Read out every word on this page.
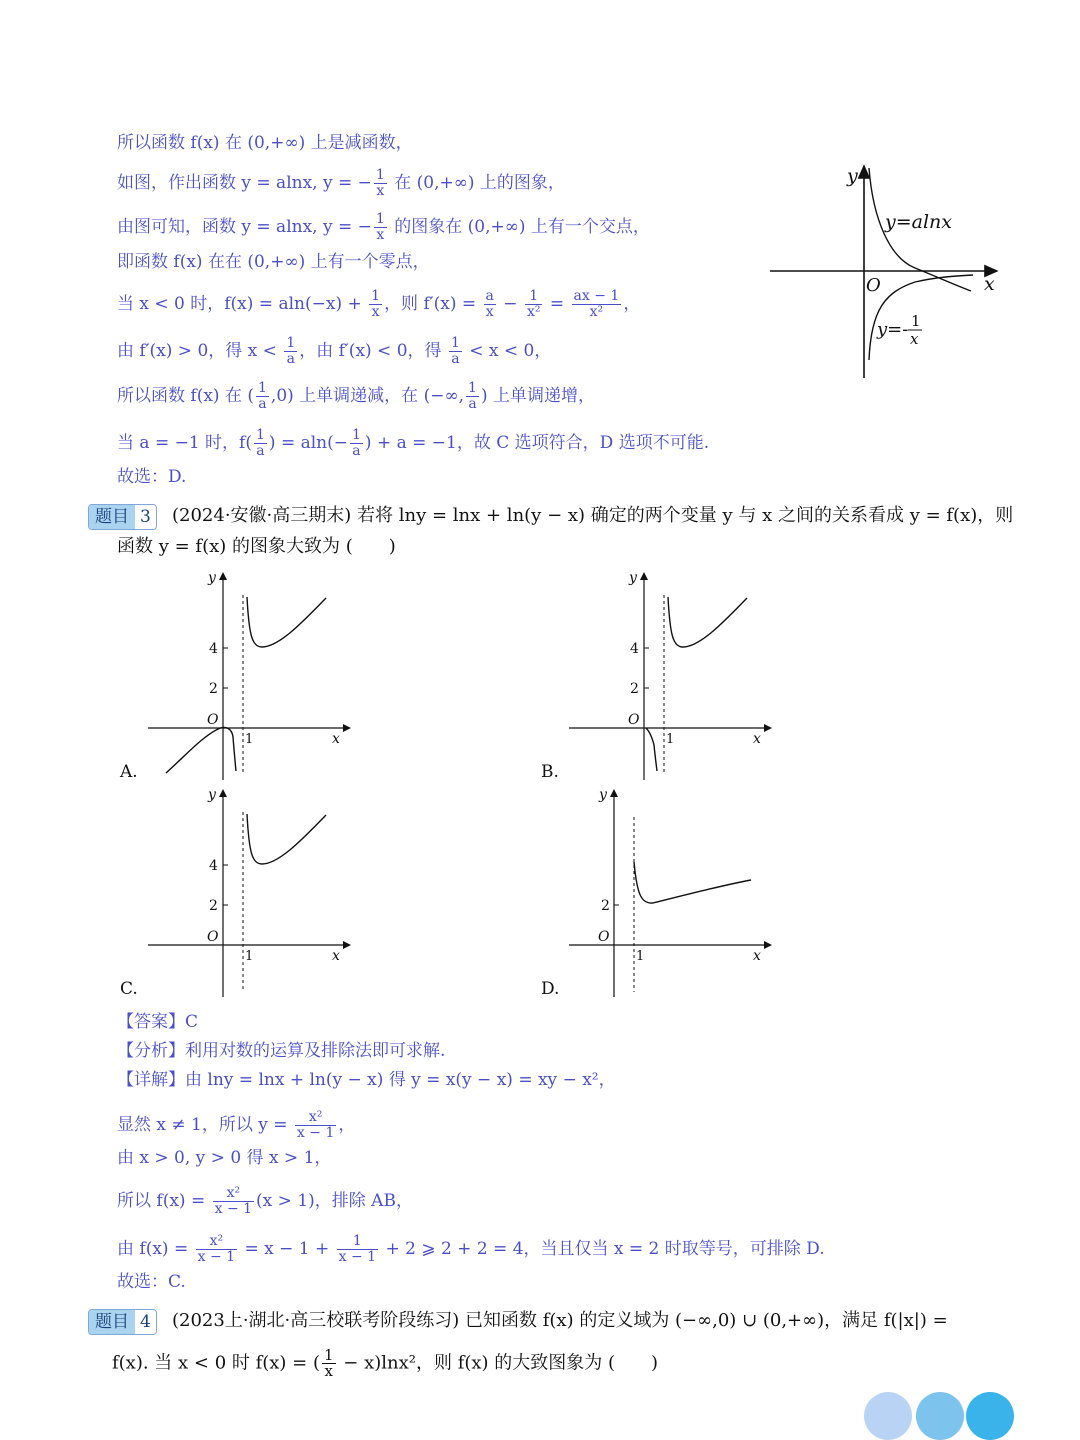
所以函数 f(x) 在 (0,+∞) 上是减函数，
如图，作出函数 y = alnx, y = − $\frac{1}{x}$ 在 (0,+∞) 上的图象，
由图可知，函数 y = alnx, y = − $\frac{1}{x}$ 的图象在 (0,+∞) 上有一个交点，
即函数 f(x) 在在 (0,+∞) 上有一个零点，
当 x < 0 时，$f(x) = aln(-x) + \frac{1}{x}$ ，则 $f'(x) = \frac{a}{x} - \frac{1}{\text{x²}} = \frac{ax - 1}{\text{x²}}$ ，
由 f′(x) > 0，得 $x < \frac{1}{a}$ ，由 f′(x) < 0，得 $\frac{1}{a} < x < 0$，
所以函数 f(x) 在 ( $\frac{1}{a} ,0$) 上单调递减，在 (−∞, $\frac{1}{a}$ ) 上单调递增，
当 a = −1 时，$f( \frac{1}{a}$ ) = $aln(- \frac{1}{a}$ ) + a = −1，故 C 选项符合，D 选项不可能.
故选：D.
y
x
O
y=alnx
y=- 1
x
题目 3 (2024·安徽·高三期末) 若将 lny = lnx + ln(y − x) 确定的两个变量 y 与 x 之间的关系看成 y = f(x)，则
函数 y = f(x) 的图象大致为 (　　)
y
x
O
4
2
1
A.
y
x
O
4
2
1
B.
y
x
O
4
2
1
C.
y
x
O
2
1
D.
【答案】C
【分析】利用对数的运算及排除法即可求解.
【详解】由 lny = lnx + ln(y − x) 得 y = x(y − x) = xy − x²，
显然 x ≠ 1，所以 $y = \frac{\text{x²}}{x - 1}$ ，
由 x > 0, y > 0 得 x > 1，
所以 $f(x) = \frac{\text{x²}}{x - 1} (x > 1)$，排除 AB，
由 $f(x) = \frac{\text{x²}}{x - 1} = x - 1 + \frac{1}{x - 1} + 2$ ⩾ 2 + 2 = 4，当且仅当 x = 2 时取等号，可排除 D.
故选：C.
题目 4 (2023上·湖北·高三校联考阶段练习) 已知函数 f(x) 的定义域为 (−∞,0) ∪ (0,+∞)，满足 f(|x|) =
f(x). 当 x < 0 时 f(x) = ( $\frac{1}{x} - x)\ln x^2$，则 f(x) 的大致图象为 (　　)
